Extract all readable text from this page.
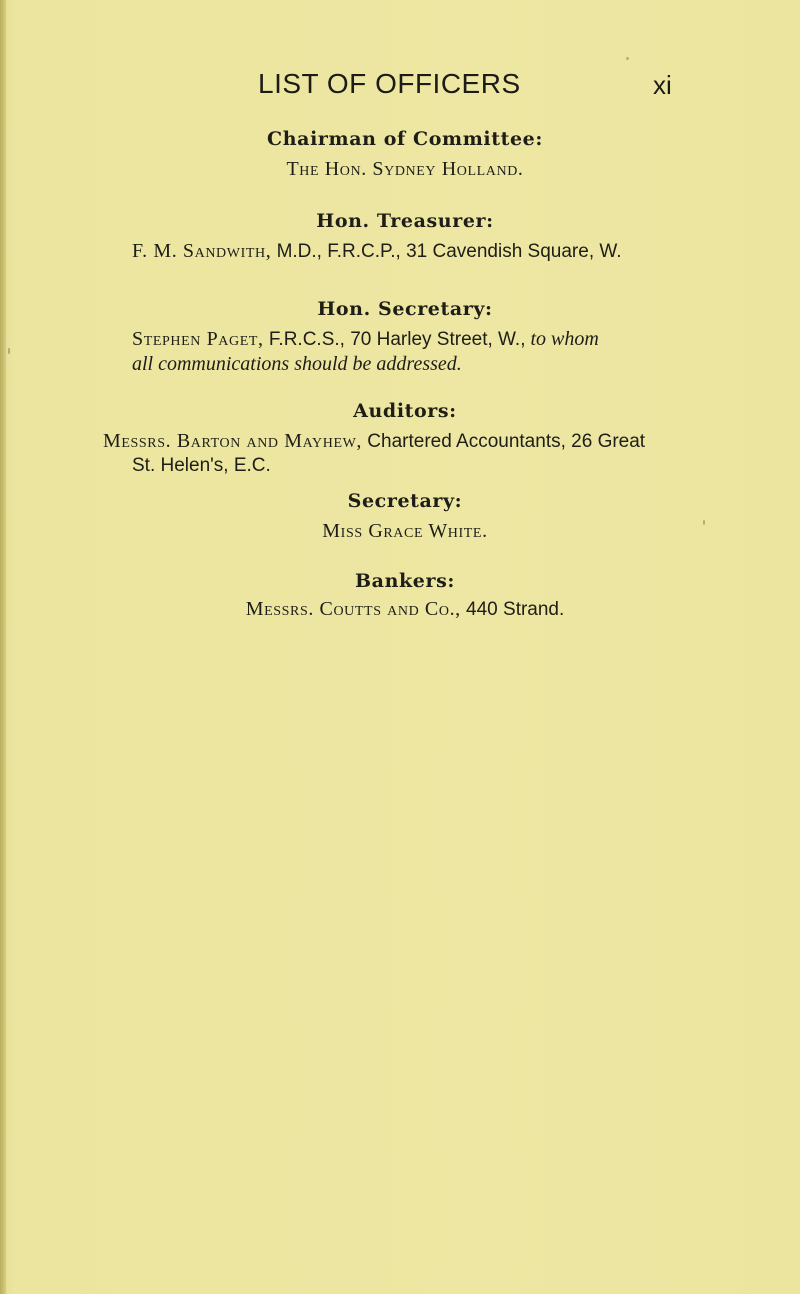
LIST OF OFFICERS	xi
Chairman of Committee:
The Hon. Sydney Holland.
Hon. Treasurer:
F. M. Sandwith, M.D., F.R.C.P., 31 Cavendish Square, W.
Hon. Secretary:
Stephen Paget, F.R.C.S., 70 Harley Street, W., to whom
all communications should be addressed.
Auditors:
Messrs. Barton and Mayhew, Chartered Accountants, 26 Great
St. Helen's, E.C.
Secretary:
Miss Grace White.
Bankers:
Messrs. Coutts and Co., 440 Strand.
